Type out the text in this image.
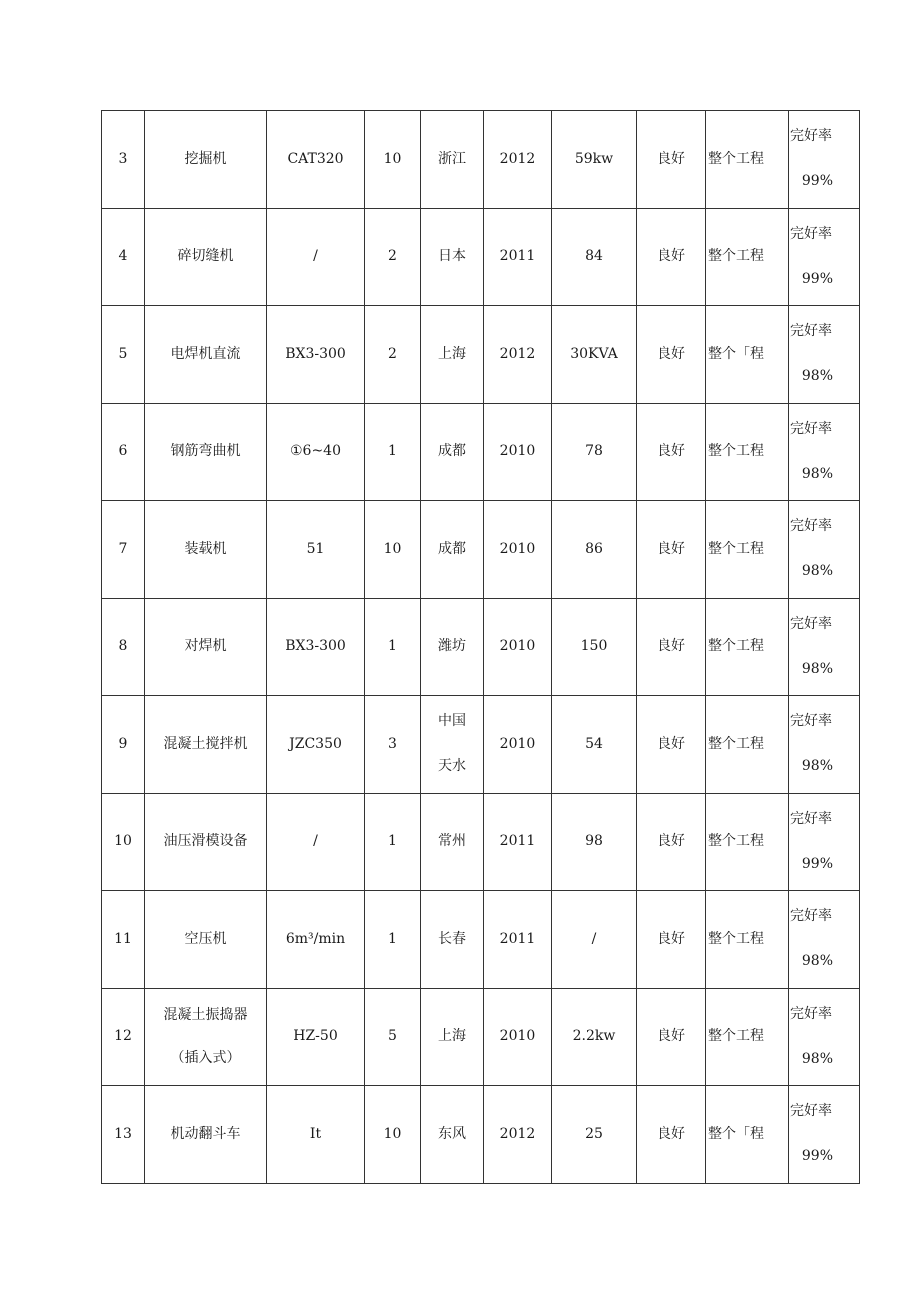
3	挖掘机	CAT320	10	浙江	2012	59kw	良好	整个工程	完好率
99%

4	碎切缝机	/	2	日本	2011	84	良好	整个工程	完好率
99%

5	电焊机直流	BX3-300	2	上海	2012	30KVA	良好	整个「程	完好率
98%

6	钢筋弯曲机	①6~40	1	成都	2010	78	良好	整个工程	完好率
98%

7	装载机	51	10	成都	2010	86	良好	整个工程	完好率
98%

8	对焊机	BX3-300	1	潍坊	2010	150	良好	整个工程	完好率
98%

9	混凝土搅拌机	JZC350	3	中国
天水	2010	54	良好	整个工程	完好率
98%

10	油压滑模设备	/	1	常州	2011	98	良好	整个工程	完好率
99%

11	空压机	6m³/min	1	长春	2011	/	良好	整个工程	完好率
98%

12	混凝土振捣器
（插入式）	HZ-50	5	上海	2010	2.2kw	良好	整个工程	完好率
98%

13	机动翻斗车	It	10	东风	2012	25	良好	整个「程	完好率
99%
